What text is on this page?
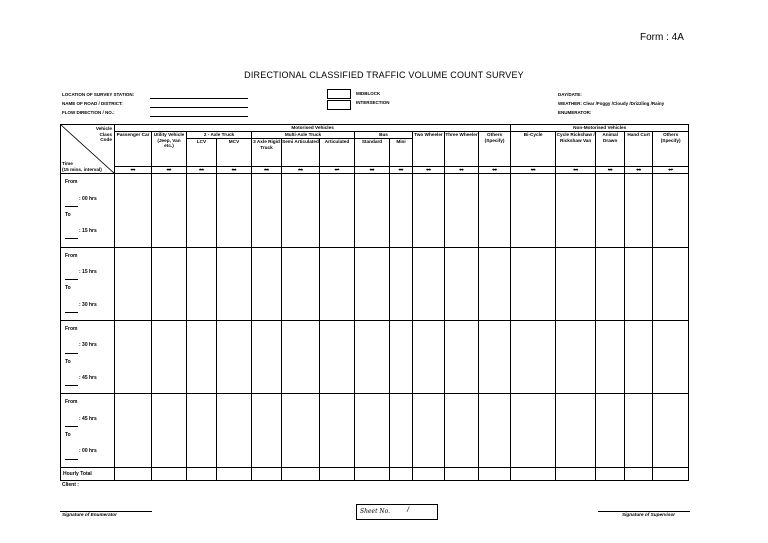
Form : 4A
DIRECTIONAL CLASSIFIED TRAFFIC VOLUME COUNT SURVEY
LOCATION OF SURVEY STATION:
NAME OF ROAD / DISTRICT:
FLOW DIRECTION / NO.:
MIDBLOCK
INTERSECTION
DAY/DATE:
WEATHER: Clear /Foggy /Cloudy /Drizzling /Rainy
ENUMERATOR:
Vehicle
Class
Code
Time
(15 mins. interval)	Motorised Vehicles												Non-Motorised Vehicles				
	Passenger Car	Utility Vehicle (Jeep, Van etc.)	2 - Axle Truck		Multi-Axle Truck			Bus		Two Wheeler	Three Wheeler	Others (Specify)	Bi-Cycle	Cycle Rickshaw / Rickshaw Van	Animal Drawn	Hand Curt	Others (Specify)
			LCV	MCV	3 Axle Rigid Truck	Semi Articulated	Articulated	Standard	Mini								
	01	02	03	04	05	06	07	08	09	10	11	12	13	14	15	16	17

From
: 00 hrs
To
: 15 hrs																	

From
: 15 hrs
To
: 30 hrs																	

From
: 30 hrs
To
: 45 hrs																	

From
: 45 hrs
To
: 00 hrs																	

Hourly Total																	
Client :
Signature of Enumerator	Sheet No. /
Signature of Supervisor
